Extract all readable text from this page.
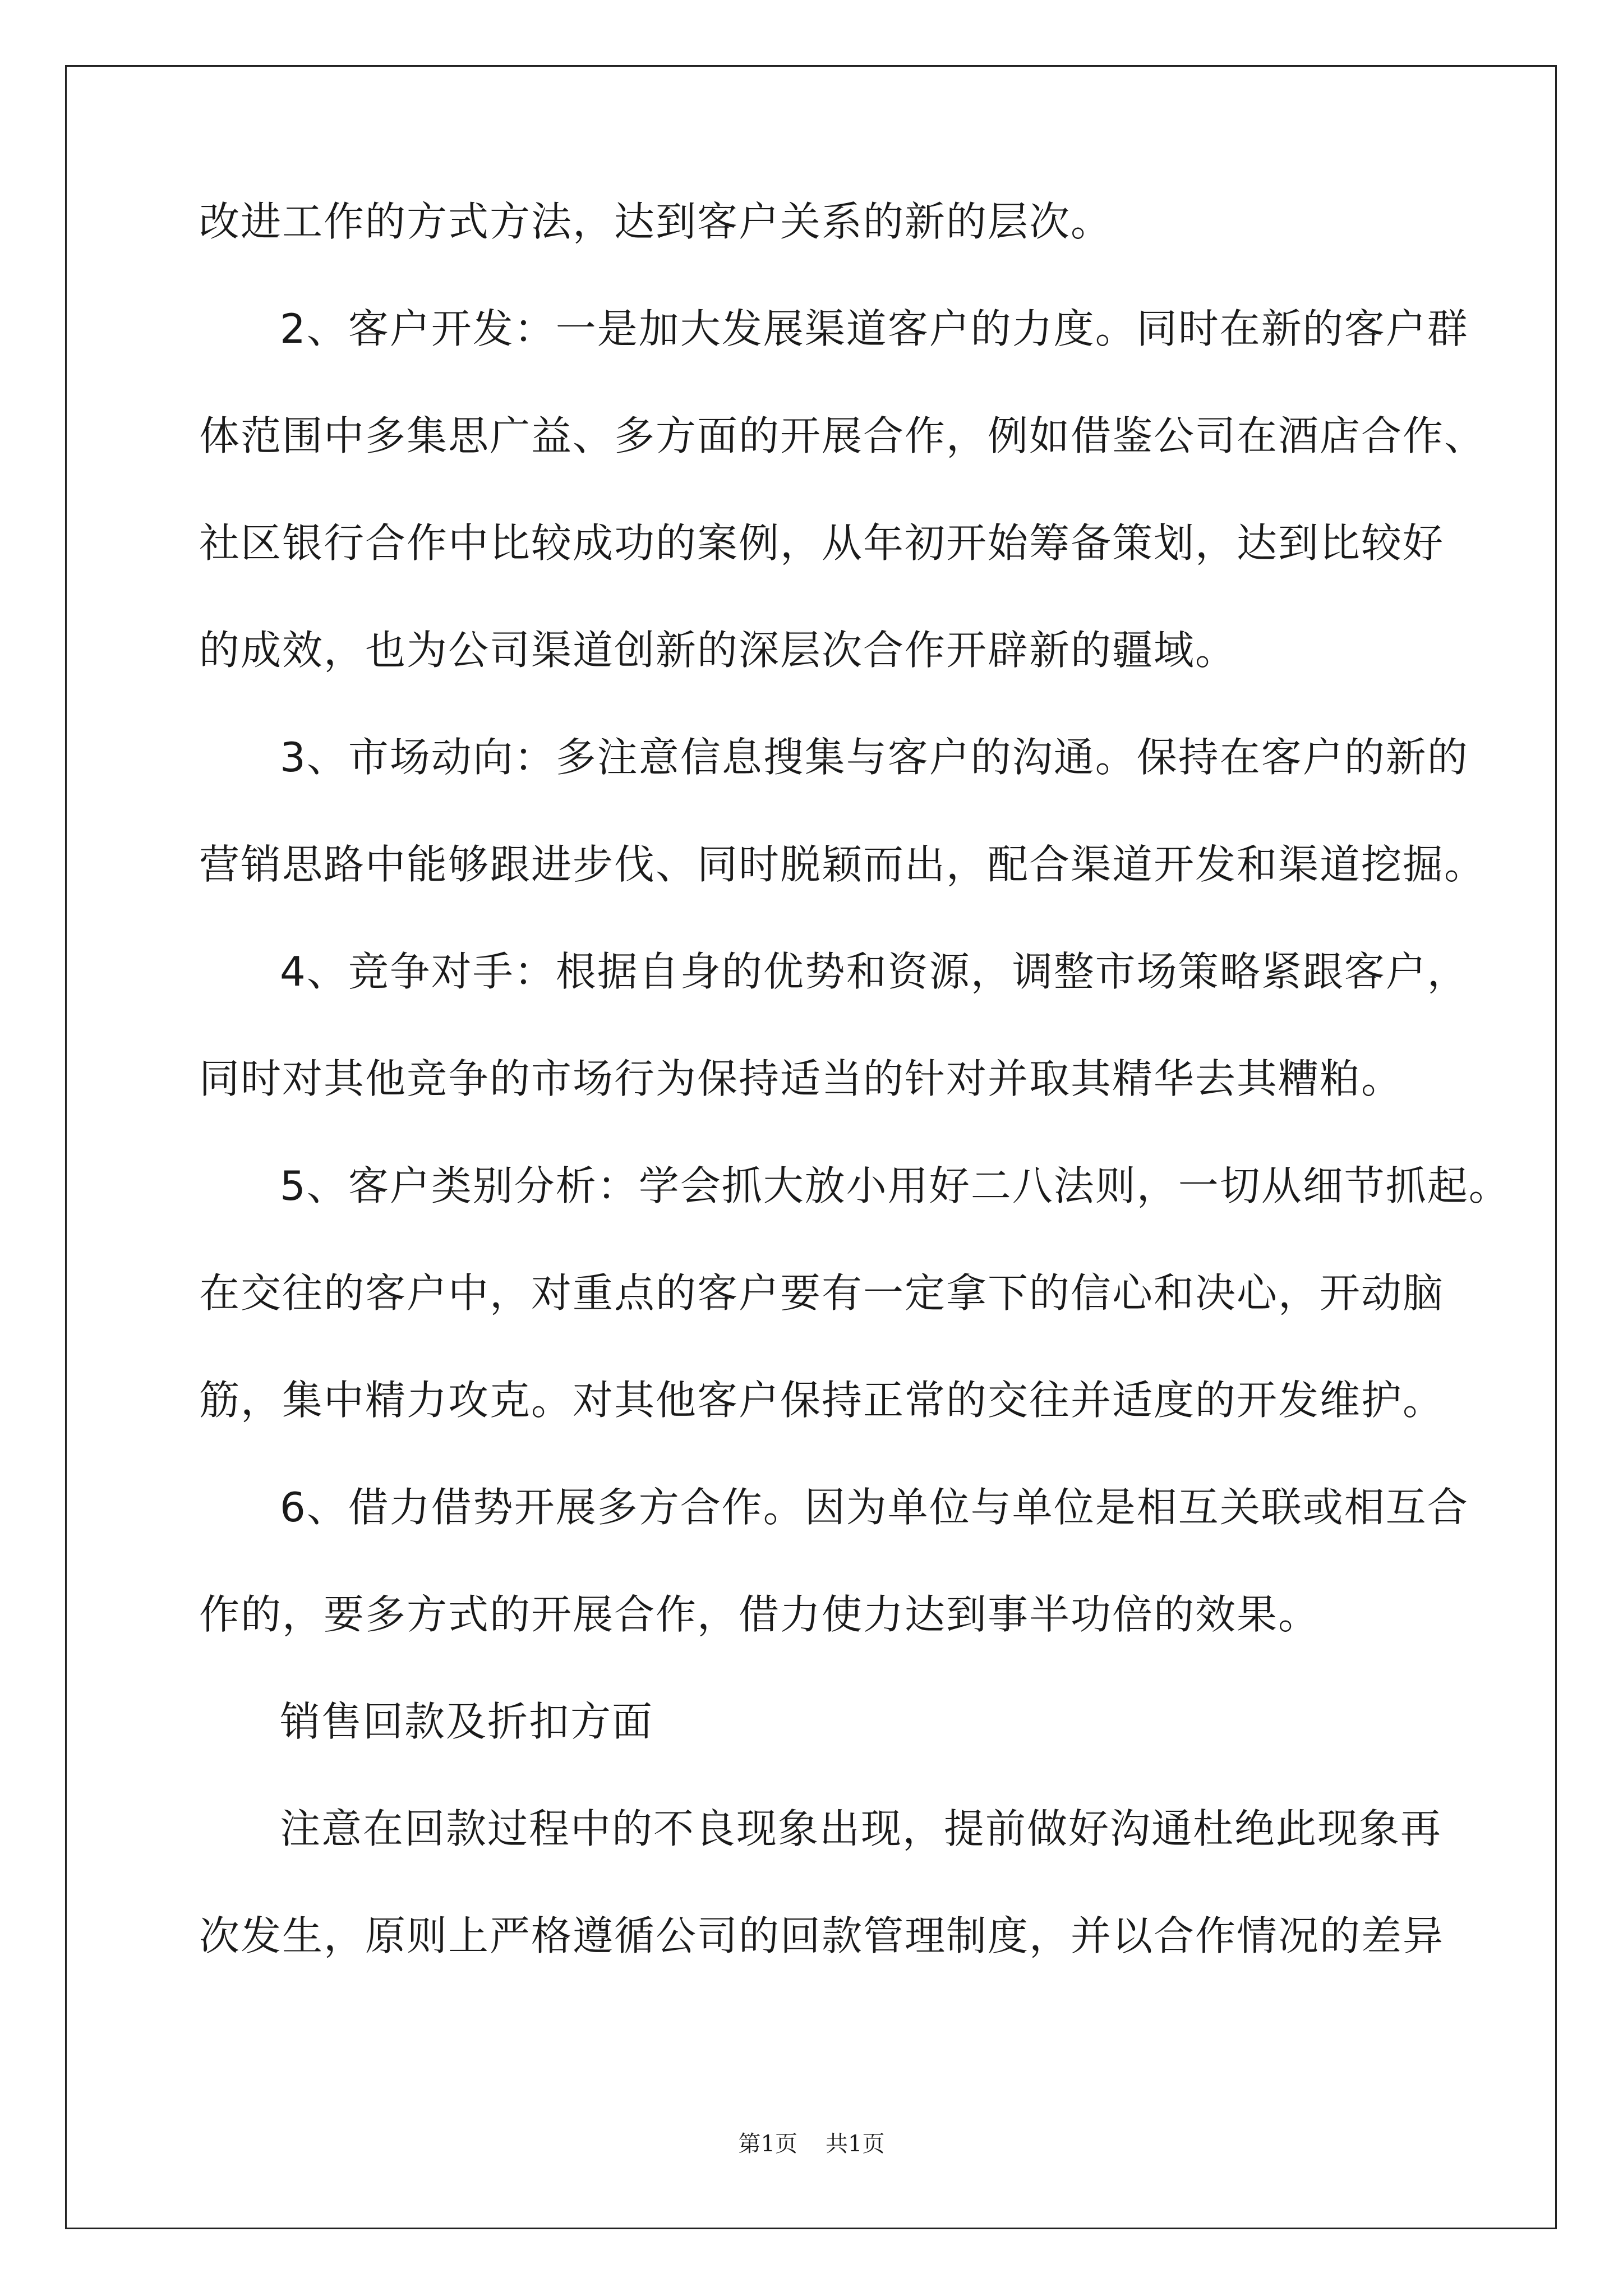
改进工作的方式方法，达到客户关系的新的层次。
2、客户开发：一是加大发展渠道客户的力度。同时在新的客户群
体范围中多集思广益、多方面的开展合作，例如借鉴公司在酒店合作、
社区银行合作中比较成功的案例，从年初开始筹备策划，达到比较好
的成效，也为公司渠道创新的深层次合作开辟新的疆域。
3、市场动向：多注意信息搜集与客户的沟通。保持在客户的新的
营销思路中能够跟进步伐、同时脱颖而出，配合渠道开发和渠道挖掘。
4、竞争对手：根据自身的优势和资源，调整市场策略紧跟客户，
同时对其他竞争的市场行为保持适当的针对并取其精华去其糟粕。
5、客户类别分析：学会抓大放小用好二八法则，一切从细节抓起。
在交往的客户中，对重点的客户要有一定拿下的信心和决心，开动脑
筋，集中精力攻克。对其他客户保持正常的交往并适度的开发维护。
6、借力借势开展多方合作。因为单位与单位是相互关联或相互合
作的，要多方式的开展合作，借力使力达到事半功倍的效果。
销售回款及折扣方面
注意在回款过程中的不良现象出现，提前做好沟通杜绝此现象再
次发生，原则上严格遵循公司的回款管理制度，并以合作情况的差异
第1页 共1页
